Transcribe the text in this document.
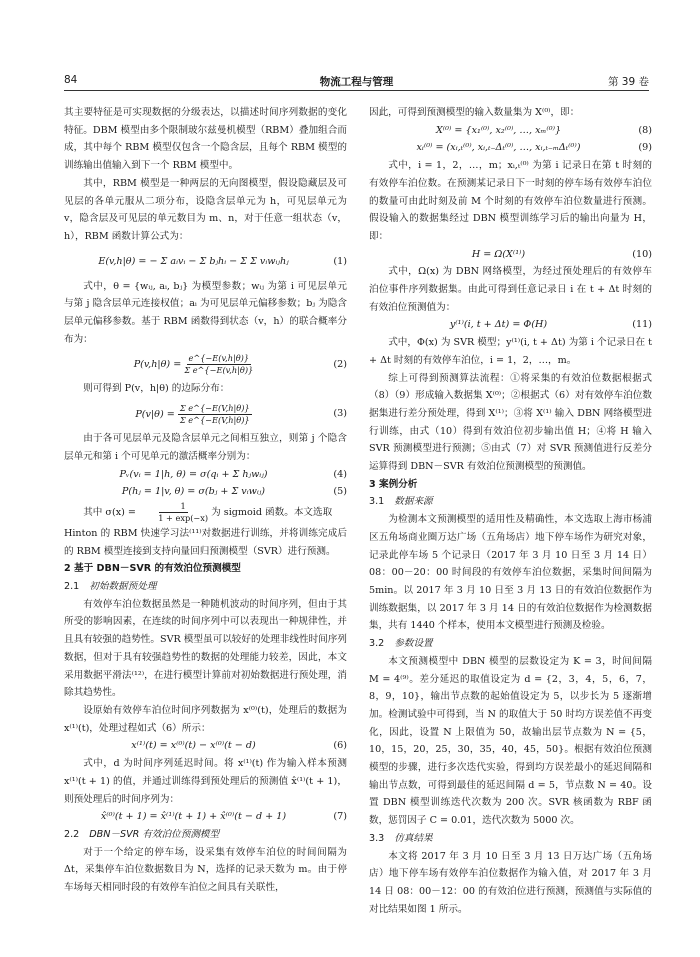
84	物流工程与管理	第 39 卷

其主要特征是可实现数据的分级表达，以描述时间序列数据的变化特征。DBM 模型由多个限制玻尔兹曼机模型（RBM）叠加组合而成，其中每个 RBM 模型仅包含一个隐含层，且每个 RBM 模型的训练输出值输入到下一个 RBM 模型中。

其中，RBM 模型是一种两层的无向图模型，假设隐藏层及可见层的各单元服从二项分布，设隐含层单元为 h，可见层单元为 v，隐含层及可见层的单元数目为 m、n，对于任意一组状态（v，h），RBM 函数计算公式为：

E(v,h|θ) = − Σ aᵢvᵢ − Σ bⱼhᵢ − Σ Σ vᵢwᵢⱼhⱼ	(1)

式中，θ = {wᵢⱼ, aᵢ, bⱼ} 为模型参数；wᵢⱼ 为第 i 可见层单元与第 j 隐含层单元连接权值；aᵢ 为可见层单元偏移参数；bⱼ 为隐含层单元偏移参数。基于 RBM 函数得到状态（v，h）的联合概率分布为：

$P(v,h|\theta) = \frac{e\^{}\{-E(v,h|\theta)\}}{\text{Σ e\textasciicircum{}\{−E(v,h|θ)\}}}$	(2)

则可得到 P(v，h|θ) 的边际分布：

$P(v|\theta) = \frac{\text{Σ e\textasciicircum{}\{−E(V,h|θ)\}}}{\text{Σ e\textasciicircum{}\{−E(V,h|θ)\}}}$	(3)

由于各可见层单元及隐含层单元之间相互独立，则第 j 个隐含层单元和第 i 个可见单元的激活概率分别为：

Pᵥ(vᵢ = 1|h, θ) = σ(qᵢ + Σ hⱼwᵢⱼ)	(4)
P(hⱼ = 1|v, θ) = σ(bⱼ + Σ vᵢwᵢⱼ)	(5)

其中 $\sigma(x) = \frac{1}{1 + \exp(-x)}$ 为 sigmoid 函数。本文选取

Hinton 的 RBM 快速学习法⁽¹¹⁾对数据进行训练，并将训练完成后的 RBM 模型连接到支持向量回归预测模型（SVR）进行预测。

2 基于 DBN－SVR 的有效泊位预测模型

2.1 初始数据预处理

有效停车泊位数据虽然是一种随机波动的时间序列，但由于其所受的影响因素，在连续的时间序列中可以表现出一种规律性，并且具有较强的趋势性。SVR 模型虽可以较好的处理非线性时间序列数据，但对于具有较强趋势性的数据的处理能力较差，因此，本文采用数据平滑法⁽¹²⁾，在进行模型计算前对初始数据进行预处理，消除其趋势性。

设原始有效停车泊位时间序列数据为 x⁽⁰⁾(t)，处理后的数据为 x⁽¹⁾(t)，处理过程如式（6）所示：

x⁽¹⁾(t) = x⁽⁰⁾(t) − x⁽⁰⁾(t − d)	(6)

式中，d 为时间序列延迟时间。将 x⁽¹⁾(t) 作为输入样本预测 x⁽¹⁾(t + 1) 的值，并通过训练得到预处理后的预测值 x̂⁽¹⁾(t + 1)，则预处理后的时间序列为：

x̂⁽⁰⁾(t + 1) = x̂⁽¹⁾(t + 1) + x̂⁽⁰⁾(t − d + 1)	(7)

2.2 DBN－SVR 有效泊位预测模型

对于一个给定的停车场，设采集有效停车泊位的时间间隔为 Δt，采集停车泊位数据数目为 N，选择的记录天数为 m。由于停车场每天相同时段的有效停车泊位之间具有关联性，

因此，可得到预测模型的输入数量集为 X⁽⁰⁾，即：

X⁽⁰⁾ = {x₁⁽⁰⁾, x₂⁽⁰⁾, …, xₘ⁽⁰⁾}	(8)
xᵢ⁽⁰⁾ = (xᵢ,ₜ⁽⁰⁾, xᵢ,ₜ₋Δₜ⁽⁰⁾, …, xᵢ,ₜ₋ₘΔₜ⁽⁰⁾)	(9)

式中，i = 1，2，…，m；xᵢ,ₜ⁽⁰⁾ 为第 i 记录日在第 t 时刻的有效停车泊位数。在预测某记录日下一时刻的停车场有效停车泊位的数量可由此时刻及前 M 个时刻的有效停车泊位数量进行预测。假设输入的数据集经过 DBN 模型训练学习后的输出向量为 H，即：

H = Ω(X⁽¹⁾)	(10)

式中，Ω(x) 为 DBN 网络模型，为经过预处理后的有效停车泊位事件序列数据集。由此可得到任意记录日 i 在 t + Δt 时刻的有效泊位预测值为：

y⁽¹⁾(i, t + Δt) = Φ(H)	(11)

式中，Φ(x) 为 SVR 模型；y⁽¹⁾(i, t + Δt) 为第 i 个记录日在 t + Δt 时刻的有效停车泊位，i = 1，2，…，m。

综上可得到预测算法流程：①将采集的有效泊位数据根据式（8）（9）形成输入数据集 X⁽⁰⁾；②根据式（6）对有效停车泊位数据集进行差分预处理，得到 X⁽¹⁾；③将 X⁽¹⁾ 输入 DBN 网络模型进行训练，由式（10）得到有效泊位初步输出值 H；④将 H 输入 SVR 预测模型进行预测；⑤由式（7）对 SVR 预测值进行反差分运算得到 DBN－SVR 有效泊位预测模型的预测值。

3 案例分析

3.1 数据来源

为检测本文预测模型的适用性及精确性，本文选取上海市杨浦区五角场商业圈万达广场（五角场店）地下停车场作为研究对象，记录此停车场 5 个记录日（2017 年 3 月 10 日至 3 月 14 日）08：00－20：00 时间段的有效停车泊位数据，采集时间间隔为 5min。以 2017 年 3 月 10 日至 3 月 13 日的有效泊位数据作为训练数据集，以 2017 年 3 月 14 日的有效泊位数据作为检测数据集，共有 1440 个样本，使用本文模型进行预测及检验。

3.2 参数设置

本文预测模型中 DBN 模型的层数设定为 K = 3，时间间隔 M = 4⁽⁹⁾。差分延迟的取值设定为 d = {2，3，4，5，6，7，8，9，10}，输出节点数的起始值设定为 5，以步长为 5 逐渐增加。检测试验中可得到，当 N 的取值大于 50 时均方误差值不再变化，因此，设置 N 上限值为 50，故输出层节点数为 N = {5，10，15，20，25，30，35，40，45，50}。根据有效泊位预测模型的步骤，进行多次迭代实验，得到均方误差最小的延迟间隔和输出节点数，可得到最佳的延迟间隔 d = 5，节点数 N = 40。设置 DBN 模型训练迭代次数为 200 次。SVR 核函数为 RBF 函数，惩罚因子 C = 0.01，迭代次数为 5000 次。

3.3 仿真结果

本文将 2017 年 3 月 10 日至 3 月 13 日万达广场（五角场店）地下停车场有效停车泊位数据作为输入值，对 2017 年 3 月 14 日 08：00－12：00 的有效泊位进行预测，预测值与实际值的对比结果如图 1 所示。
